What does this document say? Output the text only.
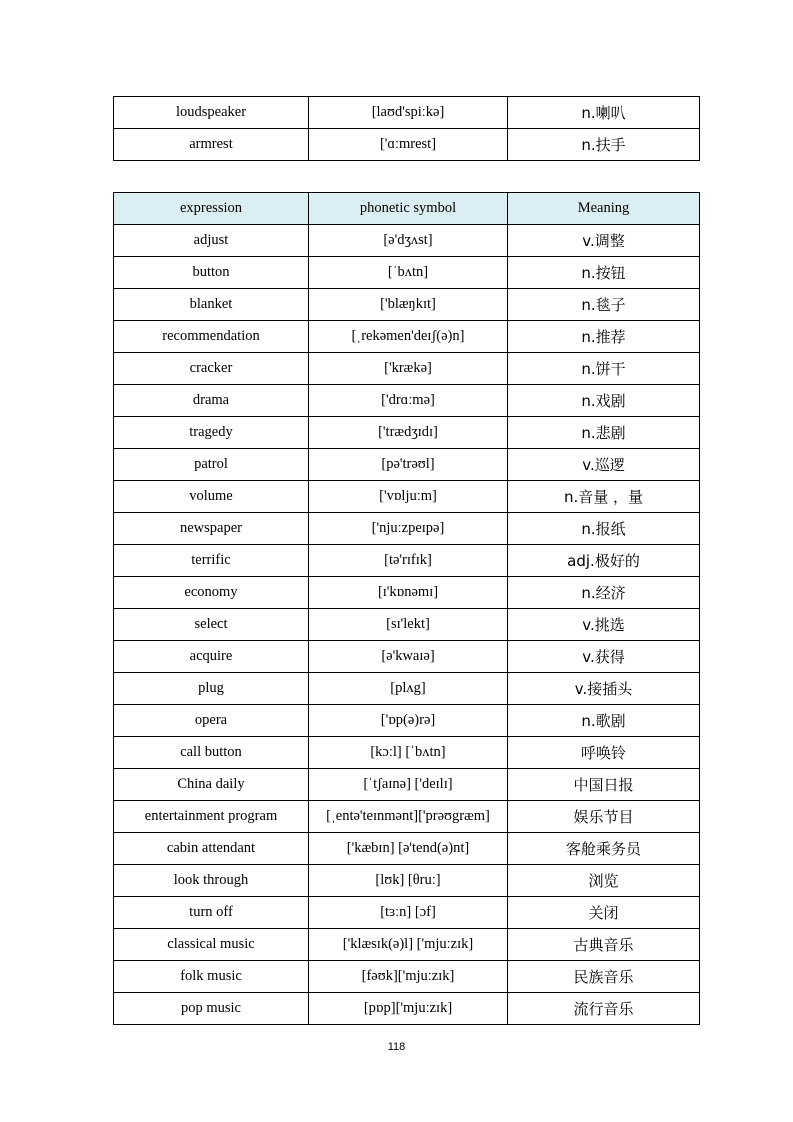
loudspeaker	[laʊd'spiːkə]	n.喇叭
armrest	['ɑːmrest]	n.扶手
expression	phonetic symbol	Meaning
adjust	[ə'dʒʌst]	v.调整
button	[ˈbʌtn]	n.按钮
blanket	['blæŋkɪt]	n.毯子
recommendation	[ˌrekəmen'deɪʃ(ə)n]	n.推荐
cracker	['krækə]	n.饼干
drama	['drɑːmə]	n.戏剧
tragedy	['trædʒɪdɪ]	n.悲剧
patrol	[pə'trəʊl]	v.巡逻
volume	['vɒljuːm]	n.音量 ，量
newspaper	['njuːzpeɪpə]	n.报纸
terrific	[tə'rɪfɪk]	adj.极好的
economy	[ɪ'kɒnəmɪ]	n.经济
select	[sɪ'lekt]	v.挑选
acquire	[ə'kwaɪə]	v.获得
plug	[plʌg]	v.接插头
opera	['ɒp(ə)rə]	n.歌剧
call button	[kɔːl] [ˈbʌtn]	呼唤铃
China daily	[ˈtʃaɪnə] ['deɪlɪ]	中国日报
entertainment program	[ˌentə'teɪnmənt]['prəʊgræm]	娱乐节目
cabin attendant	['kæbɪn] [ə'tend(ə)nt]	客舱乘务员
look through	[lʊk] [θruː]	浏览
turn off	[tɜːn] [ɔf]	关闭
classical music	['klæsɪk(ə)l] ['mjuːzɪk]	古典音乐
folk music	[fəʊk]['mjuːzɪk]	民族音乐
pop music	[pɒp]['mjuːzɪk]	流行音乐
118
